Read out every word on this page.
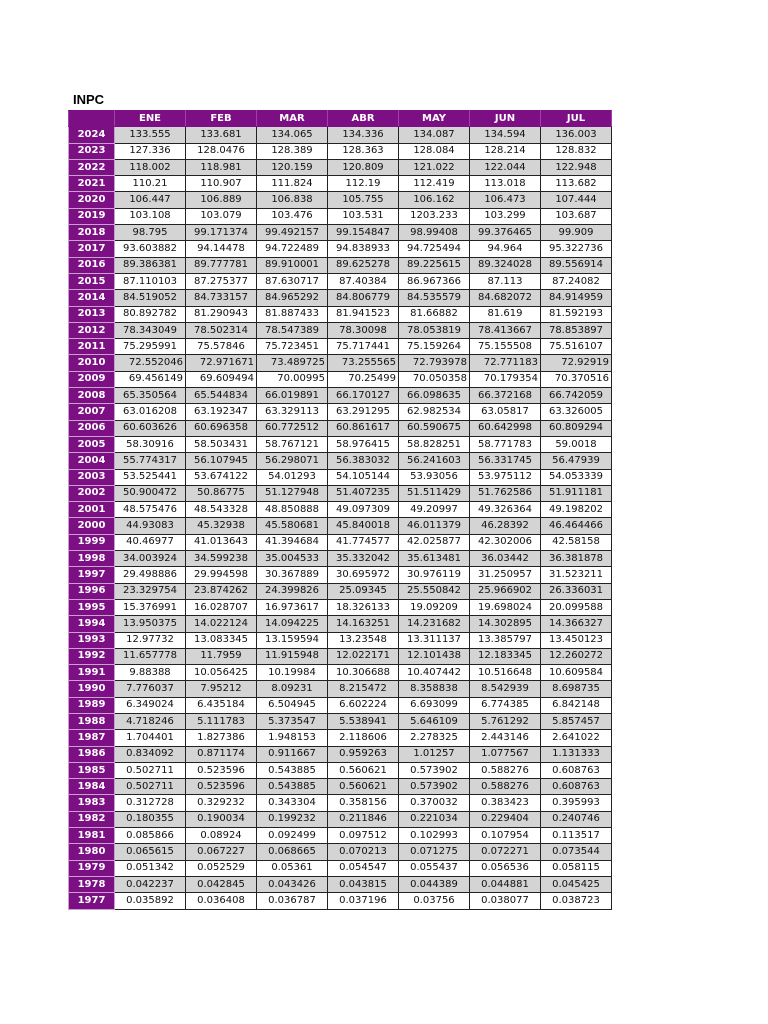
INPC
	ENE	FEB	MAR	ABR	MAY	JUN	JUL
2024	133.555	133.681	134.065	134.336	134.087	134.594	136.003
2023	127.336	128.0476	128.389	128.363	128.084	128.214	128.832
2022	118.002	118.981	120.159	120.809	121.022	122.044	122.948
2021	110.21	110.907	111.824	112.19	112.419	113.018	113.682
2020	106.447	106.889	106.838	105.755	106.162	106.473	107.444
2019	103.108	103.079	103.476	103.531	1203.233	103.299	103.687
2018	98.795	99.171374	99.492157	99.154847	98.99408	99.376465	99.909
2017	93.603882	94.14478	94.722489	94.838933	94.725494	94.964	95.322736
2016	89.386381	89.777781	89.910001	89.625278	89.225615	89.324028	89.556914
2015	87.110103	87.275377	87.630717	87.40384	86.967366	87.113	87.24082
2014	84.519052	84.733157	84.965292	84.806779	84.535579	84.682072	84.914959
2013	80.892782	81.290943	81.887433	81.941523	81.66882	81.619	81.592193
2012	78.343049	78.502314	78.547389	78.30098	78.053819	78.413667	78.853897
2011	75.295991	75.57846	75.723451	75.717441	75.159264	75.155508	75.516107
2010	72.552046	72.971671	73.489725	73.255565	72.793978	72.771183	72.92919
2009	69.456149	69.609494	70.00995	70.25499	70.050358	70.179354	70.370516
2008	65.350564	65.544834	66.019891	66.170127	66.098635	66.372168	66.742059
2007	63.016208	63.192347	63.329113	63.291295	62.982534	63.05817	63.326005
2006	60.603626	60.696358	60.772512	60.861617	60.590675	60.642998	60.809294
2005	58.30916	58.503431	58.767121	58.976415	58.828251	58.771783	59.0018
2004	55.774317	56.107945	56.298071	56.383032	56.241603	56.331745	56.47939
2003	53.525441	53.674122	54.01293	54.105144	53.93056	53.975112	54.053339
2002	50.900472	50.86775	51.127948	51.407235	51.511429	51.762586	51.911181
2001	48.575476	48.543328	48.850888	49.097309	49.20997	49.326364	49.198202
2000	44.93083	45.32938	45.580681	45.840018	46.011379	46.28392	46.464466
1999	40.46977	41.013643	41.394684	41.774577	42.025877	42.302006	42.58158
1998	34.003924	34.599238	35.004533	35.332042	35.613481	36.03442	36.381878
1997	29.498886	29.994598	30.367889	30.695972	30.976119	31.250957	31.523211
1996	23.329754	23.874262	24.399826	25.09345	25.550842	25.966902	26.336031
1995	15.376991	16.028707	16.973617	18.326133	19.09209	19.698024	20.099588
1994	13.950375	14.022124	14.094225	14.163251	14.231682	14.302895	14.366327
1993	12.97732	13.083345	13.159594	13.23548	13.311137	13.385797	13.450123
1992	11.657778	11.7959	11.915948	12.022171	12.101438	12.183345	12.260272
1991	9.88388	10.056425	10.19984	10.306688	10.407442	10.516648	10.609584
1990	7.776037	7.95212	8.09231	8.215472	8.358838	8.542939	8.698735
1989	6.349024	6.435184	6.504945	6.602224	6.693099	6.774385	6.842148
1988	4.718246	5.111783	5.373547	5.538941	5.646109	5.761292	5.857457
1987	1.704401	1.827386	1.948153	2.118606	2.278325	2.443146	2.641022
1986	0.834092	0.871174	0.911667	0.959263	1.01257	1.077567	1.131333
1985	0.502711	0.523596	0.543885	0.560621	0.573902	0.588276	0.608763
1984	0.502711	0.523596	0.543885	0.560621	0.573902	0.588276	0.608763
1983	0.312728	0.329232	0.343304	0.358156	0.370032	0.383423	0.395993
1982	0.180355	0.190034	0.199232	0.211846	0.221034	0.229404	0.240746
1981	0.085866	0.08924	0.092499	0.097512	0.102993	0.107954	0.113517
1980	0.065615	0.067227	0.068665	0.070213	0.071275	0.072271	0.073544
1979	0.051342	0.052529	0.05361	0.054547	0.055437	0.056536	0.058115
1978	0.042237	0.042845	0.043426	0.043815	0.044389	0.044881	0.045425
1977	0.035892	0.036408	0.036787	0.037196	0.03756	0.038077	0.038723
